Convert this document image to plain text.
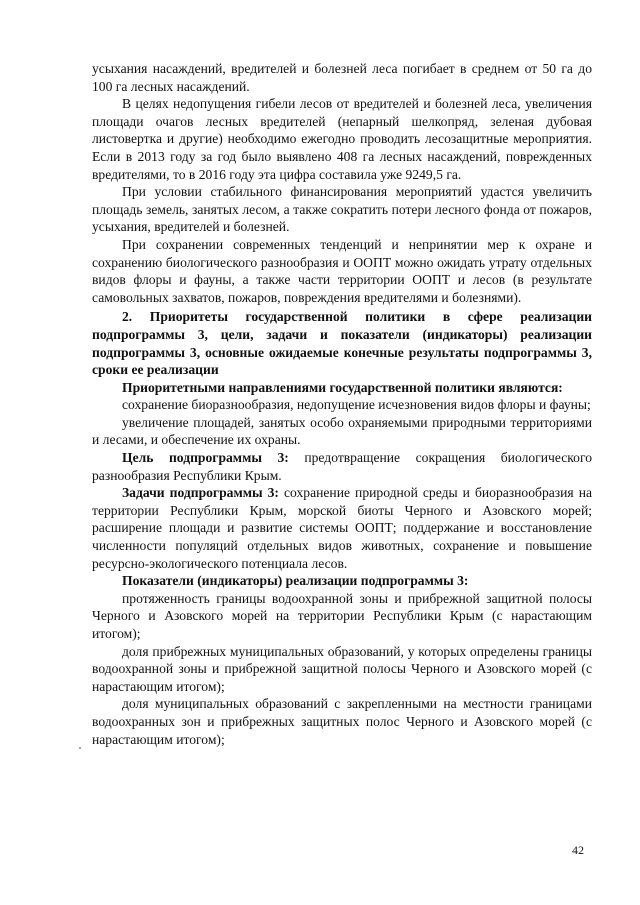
усыхания насаждений, вредителей и болезней леса погибает в среднем от 50 га до 100 га лесных насаждений.

В целях недопущения гибели лесов от вредителей и болезней леса, увеличения площади очагов лесных вредителей (непарный шелкопряд, зеленая дубовая листовертка и другие) необходимо ежегодно проводить лесозащитные мероприятия. Если в 2013 году за год было выявлено 408 га лесных насаждений, поврежденных вредителями, то в 2016 году эта цифра составила уже 9249,5 га.

При условии стабильного финансирования мероприятий удастся увеличить площадь земель, занятых лесом, а также сократить потери лесного фонда от пожаров, усыхания, вредителей и болезней.

При сохранении современных тенденций и непринятии мер к охране и сохранению биологического разнообразия и ООПТ можно ожидать утрату отдельных видов флоры и фауны, а также части территории ООПТ и лесов (в результате самовольных захватов, пожаров, повреждения вредителями и болезнями).

2. Приоритеты государственной политики в сфере реализации подпрограммы 3, цели, задачи и показатели (индикаторы) реализации подпрограммы 3, основные ожидаемые конечные результаты подпрограммы 3, сроки ее реализации

Приоритетными направлениями государственной политики являются:

сохранение биоразнообразия, недопущение исчезновения видов флоры и фауны;

увеличение площадей, занятых особо охраняемыми природными территориями и лесами, и обеспечение их охраны.

Цель подпрограммы 3: предотвращение сокращения биологического разнообразия Республики Крым.

Задачи подпрограммы 3: сохранение природной среды и биоразнообразия на территории Республики Крым, морской биоты Черного и Азовского морей; расширение площади и развитие системы ООПТ; поддержание и восстановление численности популяций отдельных видов животных, сохранение и повышение ресурсно-экологического потенциала лесов.

Показатели (индикаторы) реализации подпрограммы 3:

протяженность границы водоохранной зоны и прибрежной защитной полосы Черного и Азовского морей на территории Республики Крым (с нарастающим итогом);

доля прибрежных муниципальных образований, у которых определены границы водоохранной зоны и прибрежной защитной полосы Черного и Азовского морей (с нарастающим итогом);

доля муниципальных образований с закрепленными на местности границами водоохранных зон и прибрежных защитных полос Черного и Азовского морей (с нарастающим итогом);

42
